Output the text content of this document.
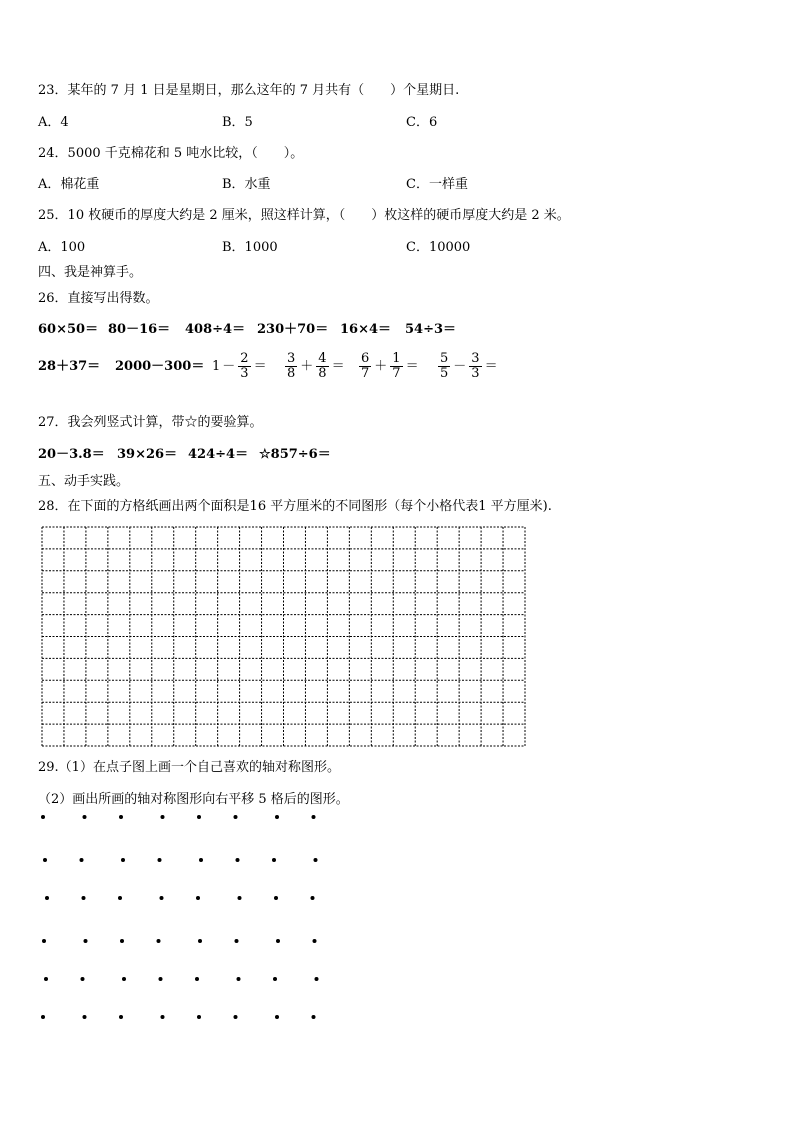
23．某年的 7 月 1 日是星期日，那么这年的 7 月共有（　　）个星期日.
A．4	B．5	C．6
24．5000 千克棉花和 5 吨水比较，（　　）。
A．棉花重	B．水重	C．一样重
25．10 枚硬币的厚度大约是 2 厘米，照这样计算，（　　）枚这样的硬币厚度大约是 2 米。
A．100	B．1000	C．10000
四、我是神算手。
26．直接写出得数。
60×50＝ 80－16＝ 408÷4＝ 230＋70＝ 16×4＝ 54÷3＝
$28+37= 2000-300= 1 - \frac{2}{3} = \frac{3}{8} + \frac{4}{8} = \frac{6}{7} + \frac{1}{7} = \frac{5}{5} - \frac{3}{3}$ ＝
27．我会列竖式计算，带☆的要验算。
20－3.8＝ 39×26＝ 424÷4＝ ☆857÷6＝
五、动手实践。
28．在下面的方格纸画出两个面积是16 平方厘米的不同图形（每个小格代表1 平方厘米).
29.（1）在点子图上画一个自己喜欢的轴对称图形。
（2）画出所画的轴对称图形向右平移 5 格后的图形。
